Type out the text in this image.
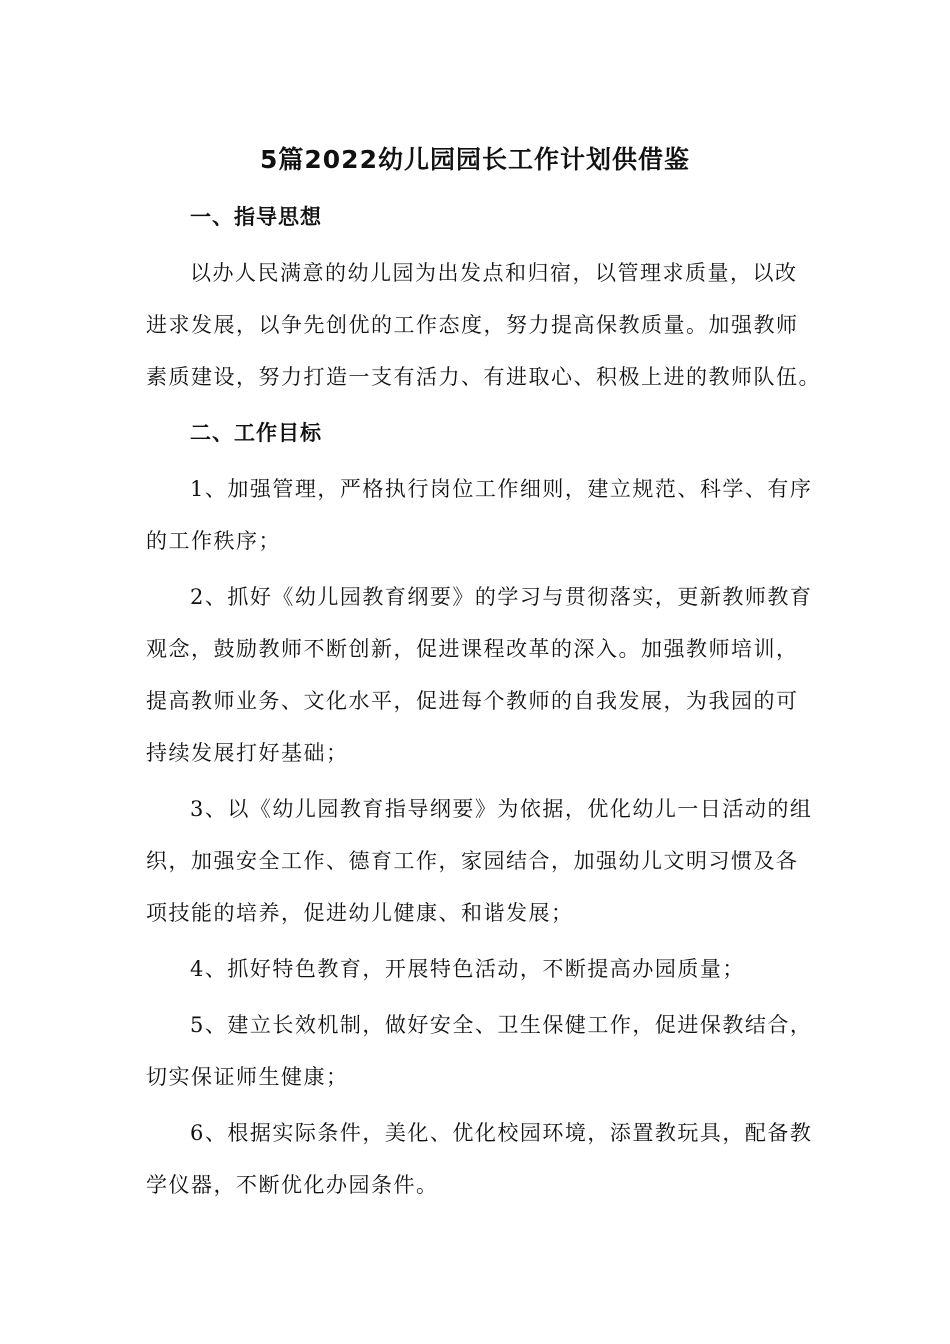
5篇2022幼儿园园长工作计划供借鉴
一、指导思想
以办人民满意的幼儿园为出发点和归宿，以管理求质量，以改
进求发展，以争先创优的工作态度，努力提高保教质量。加强教师
素质建设，努力打造一支有活力、有进取心、积极上进的教师队伍。
二、工作目标
1、加强管理，严格执行岗位工作细则，建立规范、科学、有序
的工作秩序；
2、抓好《幼儿园教育纲要》的学习与贯彻落实，更新教师教育
观念，鼓励教师不断创新，促进课程改革的深入。加强教师培训，
提高教师业务、文化水平，促进每个教师的自我发展，为我园的可
持续发展打好基础；
3、以《幼儿园教育指导纲要》为依据，优化幼儿一日活动的组
织，加强安全工作、德育工作，家园结合，加强幼儿文明习惯及各
项技能的培养，促进幼儿健康、和谐发展；
4、抓好特色教育，开展特色活动，不断提高办园质量；
5、建立长效机制，做好安全、卫生保健工作，促进保教结合，
切实保证师生健康；
6、根据实际条件，美化、优化校园环境，添置教玩具，配备教
学仪器，不断优化办园条件。
